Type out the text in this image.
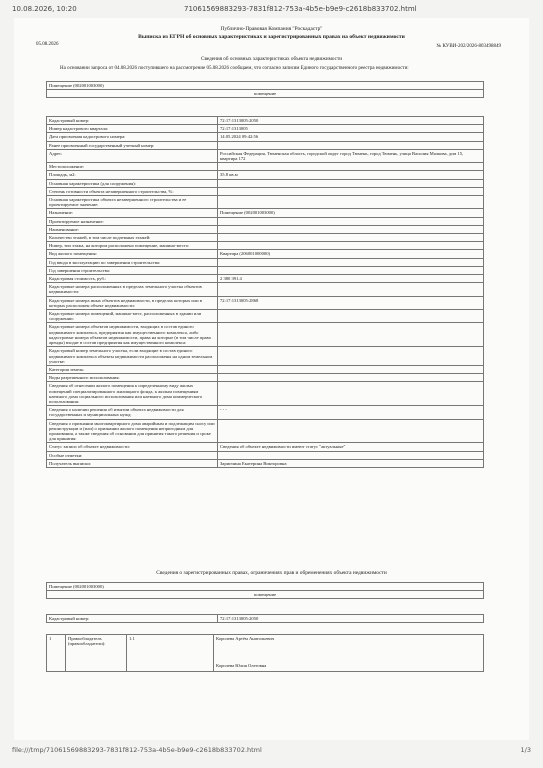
10.08.2026, 10:20	71061569883293-7831f812-753a-4b5e-b9e9-c2618b833702.html
Публично-Правовая Компания "Роскадастр"
Выписка из ЕГРН об основных характеристиках и зарегистрированных правах на объект недвижимости
05.08.2026	№ КУВИ-202/2026-803498849
Сведения об основных характеристиках объекта недвижимости
На основании запроса от 04.08.2026 поступившего на рассмотрение 05.08.2026 сообщаем, что согласно записям Единого государственного реестра недвижимости:
Помещение (002001003000)
помещение
Кадастровый номер:	72:17:1313005:2050
Номер кадастрового квартала:	72:17:1313005
Дата присвоения кадастрового номера:	14.05.2024 09:42:56
Ранее присвоенный государственный учетный номер:	
Адрес:	Российская Федерация, Тюменская область, городской округ город Тюмень, город Тюмень, улица Василия Малкова, дом 15, квартира 172
Местоположение:	
Площадь, м2:	35.8 кв.м
Основная характеристика (для сооружения):	
Степень готовности объекта незавершенного строительства, %:	
Основная характеристика объекта незавершенного строительства и ее проектируемое значение:	
Назначение:	Помещение (002001003000)
Проектируемое назначение:	
Наименование:	
Количество этажей, в том числе подземных этажей:	
Номер, тип этажа, на котором расположено помещение, машино-место:	
Вид жилого помещения:	Квартира (206001000000)
Год ввода в эксплуатацию по завершении строительства:	
Год завершения строительства:	
Кадастровая стоимость, руб.:	2 380 391.4
Кадастровые номера расположенных в пределах земельного участка объектов недвижимости:	
Кадастровые номера иных объектов недвижимости, в пределах которых или в которых расположен объект недвижимости:	72:17:1313005:2868
Кадастровые номера помещений, машино-мест, расположенных в здании или сооружении:	
Кадастровые номера объектов недвижимости, входящих в состав единого недвижимого комплекса, предприятия как имущественного комплекса, либо кадастровые номера объектов недвижимости, права на которые (в том числе право аренды) входят в состав предприятия как имущественного комплекса:	
Кадастровый номер земельного участка, если входящие в состав единого недвижимого комплекса объекты недвижимости расположены на одном земельном участке:	
Категория земель:	
Виды разрешенного использования:	
Сведения об отнесении жилого помещения к определенному виду жилых помещений специализированного жилищного фонда, к жилым помещениям наемного дома социального использования или наемного дома коммерческого использования:	
Сведения о наличии решения об изъятии объекта недвижимости для государственных и муниципальных нужд:	- - -
Сведения о признании многоквартирного дома аварийным и подлежащим сносу или реконструкции и (или) о признании жилого помещения непригодным для проживания, а также сведения об основании для принятия такого решения и сроке для принятия:	
Статус записи об объекте недвижимости:	Сведения об объекте недвижимости имеют статус "актуальные"
Особые отметки:	
Получатель выписки:	Зарипчина Екатерина Викторовна
Сведения о зарегистрированных правах, ограничениях прав и обременениях объекта недвижимости
Помещение (002001003000)
помещение
Кадастровый номер:	72:17:1313005:2050
1	Правообладатель (правообладатели):	1.1	Королева Артём Анатольевич
Королева Юлия Олеговна
file:///tmp/71061569883293-7831f812-753a-4b5e-b9e9-c2618b833702.html	1/3
